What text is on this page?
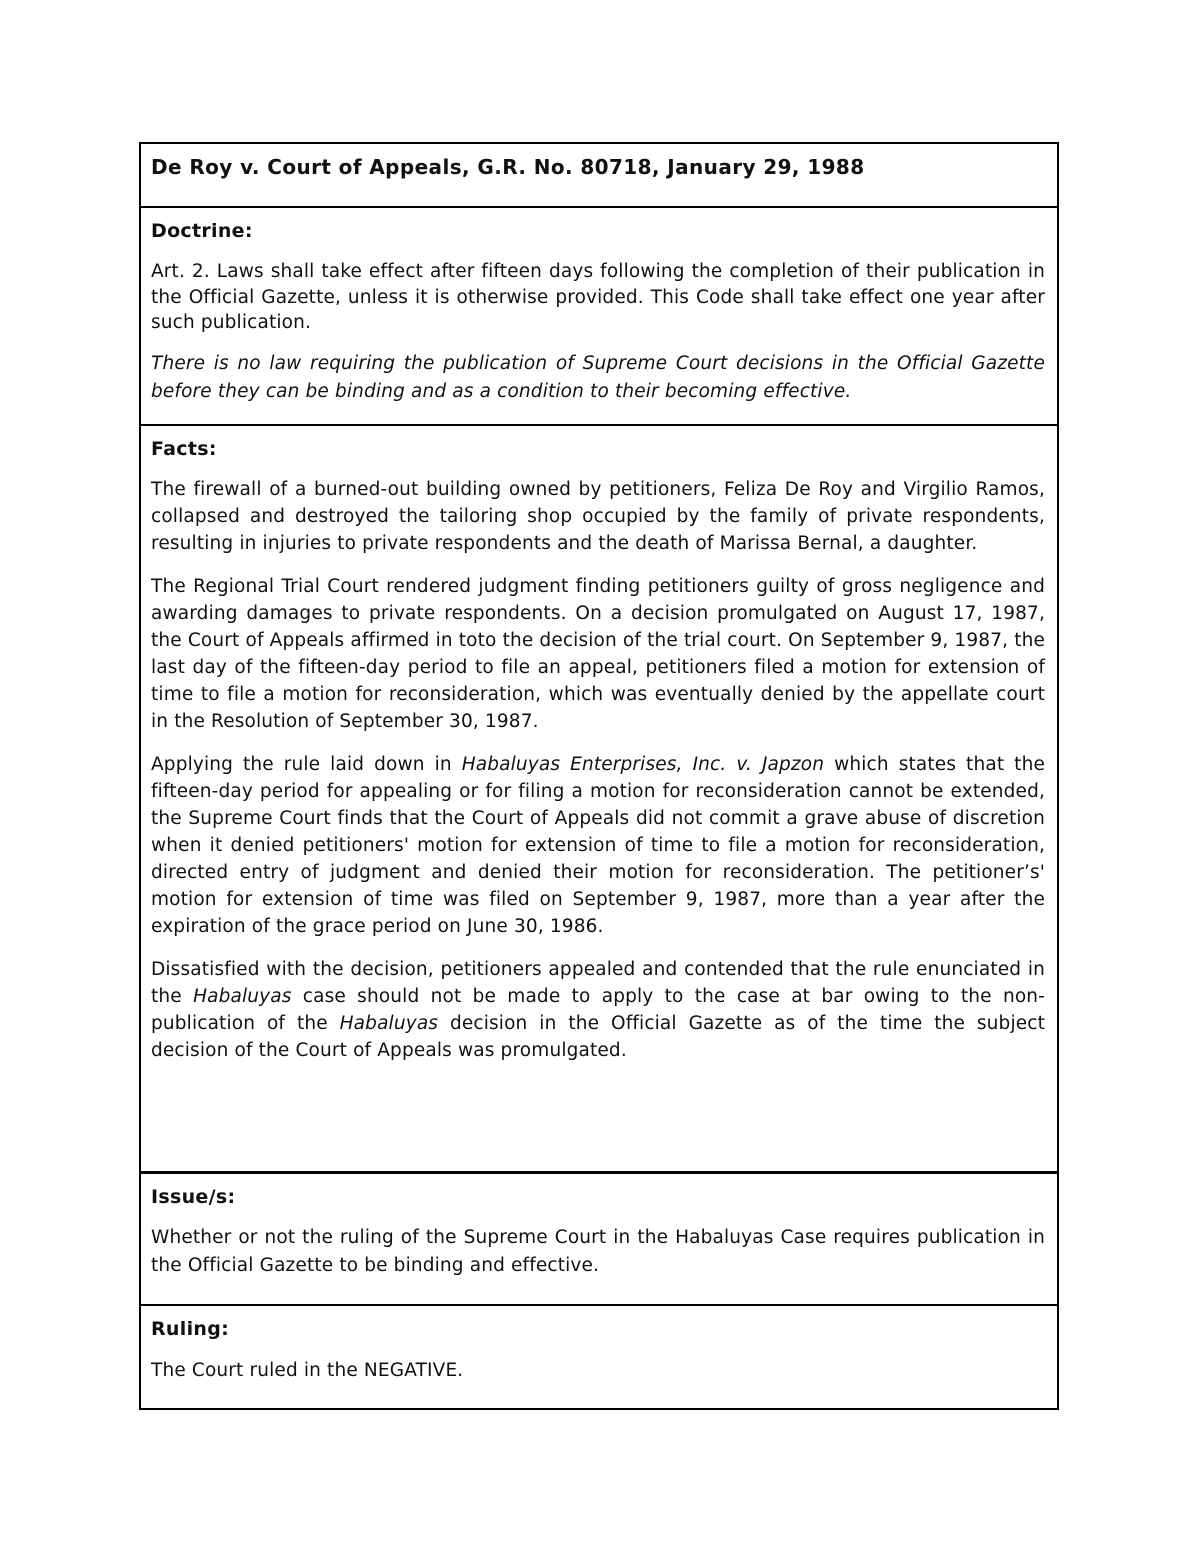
De Roy v. Court of Appeals, G.R. No. 80718, January 29, 1988

Doctrine:

Art. 2. Laws shall take effect after fifteen days following the completion of their publication in the Official Gazette, unless it is otherwise provided. This Code shall take effect one year after such publication.

There is no law requiring the publication of Supreme Court decisions in the Official Gazette before they can be binding and as a condition to their becoming effective.

Facts:

The firewall of a burned-out building owned by petitioners, Feliza De Roy and Virgilio Ramos, collapsed and destroyed the tailoring shop occupied by the family of private respondents, resulting in injuries to private respondents and the death of Marissa Bernal, a daughter.

The Regional Trial Court rendered judgment finding petitioners guilty of gross negligence and awarding damages to private respondents. On a decision promulgated on August 17, 1987, the Court of Appeals affirmed in toto the decision of the trial court. On September 9, 1987, the last day of the fifteen-day period to file an appeal, petitioners filed a motion for extension of time to file a motion for reconsideration, which was eventually denied by the appellate court in the Resolution of September 30, 1987.

Applying the rule laid down in Habaluyas Enterprises, Inc. v. Japzon which states that the fifteen-day period for appealing or for filing a motion for reconsideration cannot be extended, the Supreme Court finds that the Court of Appeals did not commit a grave abuse of discretion when it denied petitioners' motion for extension of time to file a motion for reconsideration, directed entry of judgment and denied their motion for reconsideration. The petitioner’s' motion for extension of time was filed on September 9, 1987, more than a year after the expiration of the grace period on June 30, 1986.

Dissatisfied with the decision, petitioners appealed and contended that the rule enunciated in the Habaluyas case should not be made to apply to the case at bar owing to the non-publication of the Habaluyas decision in the Official Gazette as of the time the subject decision of the Court of Appeals was promulgated.

Issue/s:

Whether or not the ruling of the Supreme Court in the Habaluyas Case requires publication in the Official Gazette to be binding and effective.

Ruling:

The Court ruled in the NEGATIVE.
